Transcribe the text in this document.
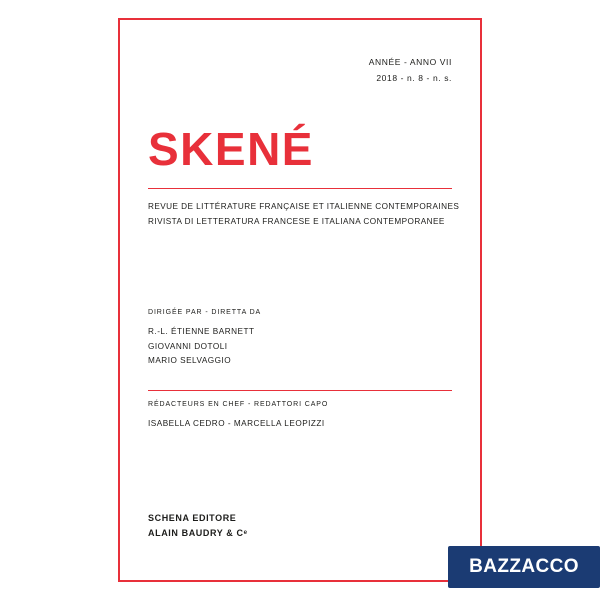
ANNÉE - ANNO VII
2018 - n. 8 - n. s.
SKENÉ
REVUE DE LITTÉRATURE FRANÇAISE ET ITALIENNE CONTEMPORAINES
RIVISTA DI LETTERATURA FRANCESE E ITALIANA CONTEMPORANEE
DIRIGÉE PAR - DIRETTA DA
R.-L. ÉTIENNE BARNETT
GIOVANNI DOTOLI
MARIO SELVAGGIO
RÉDACTEURS EN CHEF - REDATTORI CAPO
ISABELLA CEDRO - MARCELLA LEOPIZZI
SCHENA EDITORE
ALAIN BAUDRY & Cᵉ
BAZZACCO
